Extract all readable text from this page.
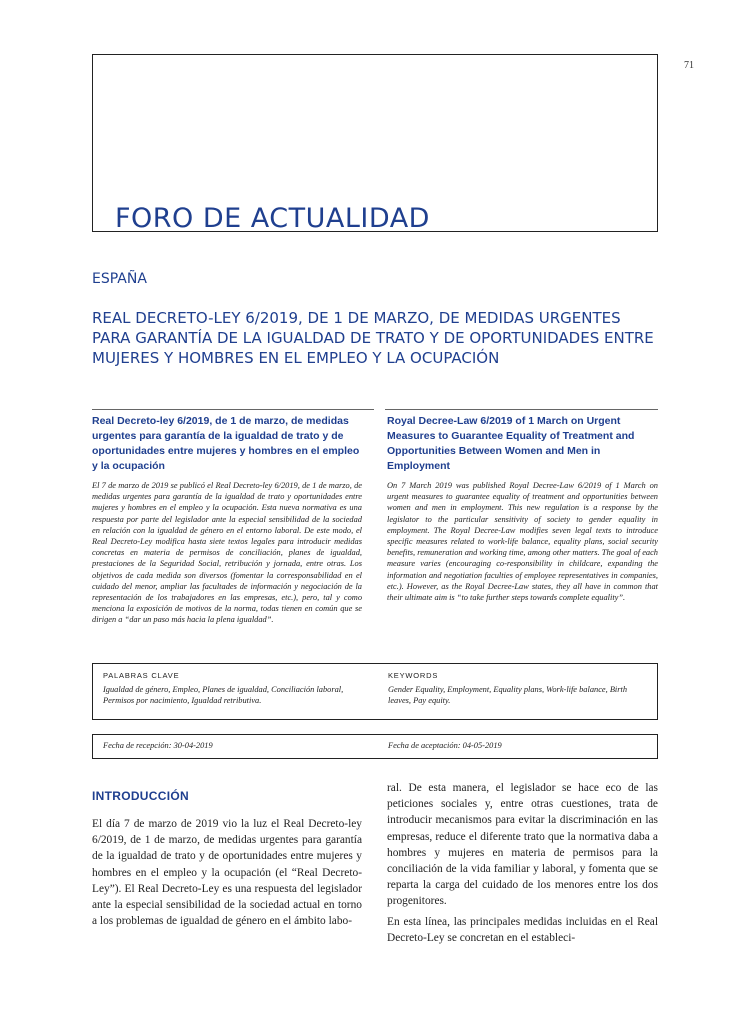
71
FORO DE ACTUALIDAD
ESPAÑA
REAL DECRETO-LEY 6/2019, DE 1 DE MARZO, DE MEDIDAS URGENTES PARA GARANTÍA DE LA IGUALDAD DE TRATO Y DE OPORTUNIDADES ENTRE MUJERES Y HOMBRES EN EL EMPLEO Y LA OCUPACIÓN
Real Decreto-ley 6/2019, de 1 de marzo, de medidas urgentes para garantía de la igualdad de trato y de oportunidades entre mujeres y hombres en el empleo y la ocupación

El 7 de marzo de 2019 se publicó el Real Decreto-ley 6/2019, de 1 de marzo, de medidas urgentes para garantía de la igualdad de trato y oportunidades entre mujeres y hombres en el empleo y la ocupación. Esta nueva normativa es una respuesta por parte del legislador ante la especial sensibilidad de la sociedad en relación con la igualdad de género en el entorno laboral. De este modo, el Real Decreto-Ley modifica hasta siete textos legales para introducir medidas concretas en materia de permisos de conciliación, planes de igualdad, prestaciones de la Seguridad Social, retribución y jornada, entre otras. Los objetivos de cada medida son diversos (fomentar la corresponsabilidad en el cuidado del menor, ampliar las facultades de información y negociación de la representación de los trabajadores en las empresas, etc.), pero, tal y como menciona la exposición de motivos de la norma, todas tienen en común que se dirigen a “dar un paso más hacia la plena igualdad”.

Royal Decree-Law 6/2019 of 1 March on Urgent Measures to Guarantee Equality of Treatment and Opportunities Between Women and Men in Employment

On 7 March 2019 was published Royal Decree-Law 6/2019 of 1 March on urgent measures to guarantee equality of treatment and opportunities between women and men in employment. This new regulation is a response by the legislator to the particular sensitivity of society to gender equality in employment. The Royal Decree-Law modifies seven legal texts to introduce specific measures related to work-life balance, equality plans, social security benefits, remuneration and working time, among other matters. The goal of each measure varies (encouraging co-responsibility in childcare, expanding the information and negotiation faculties of employee representatives in companies, etc.). However, as the Royal Decree-Law states, they all have in common that their ultimate aim is “to take further steps towards complete equality”.

PALABRAS CLAVE
Igualdad de género, Empleo, Planes de igualdad, Conciliación laboral, Permisos por nacimiento, Igualdad retributiva.
KEYWORDS
Gender Equality, Employment, Equality plans, Work-life balance, Birth leaves, Pay equity.
Fecha de recepción: 30-04-2019	Fecha de aceptación: 04-05-2019
INTRODUCCIÓN

El día 7 de marzo de 2019 vio la luz el Real Decreto-ley 6/2019, de 1 de marzo, de medidas urgentes para garantía de la igualdad de trato y de oportunidades entre mujeres y hombres en el empleo y la ocupación (el “Real Decreto-Ley”). El Real Decreto-Ley es una respuesta del legislador ante la especial sensibilidad de la sociedad actual en torno a los problemas de igualdad de género en el ámbito labo-

ral. De esta manera, el legislador se hace eco de las peticiones sociales y, entre otras cuestiones, trata de introducir mecanismos para evitar la discriminación en las empresas, reduce el diferente trato que la normativa daba a hombres y mujeres en materia de permisos para la conciliación de la vida familiar y laboral, y fomenta que se reparta la carga del cuidado de los menores entre los dos progenitores.

En esta línea, las principales medidas incluidas en el Real Decreto-Ley se concretan en el estableci-
